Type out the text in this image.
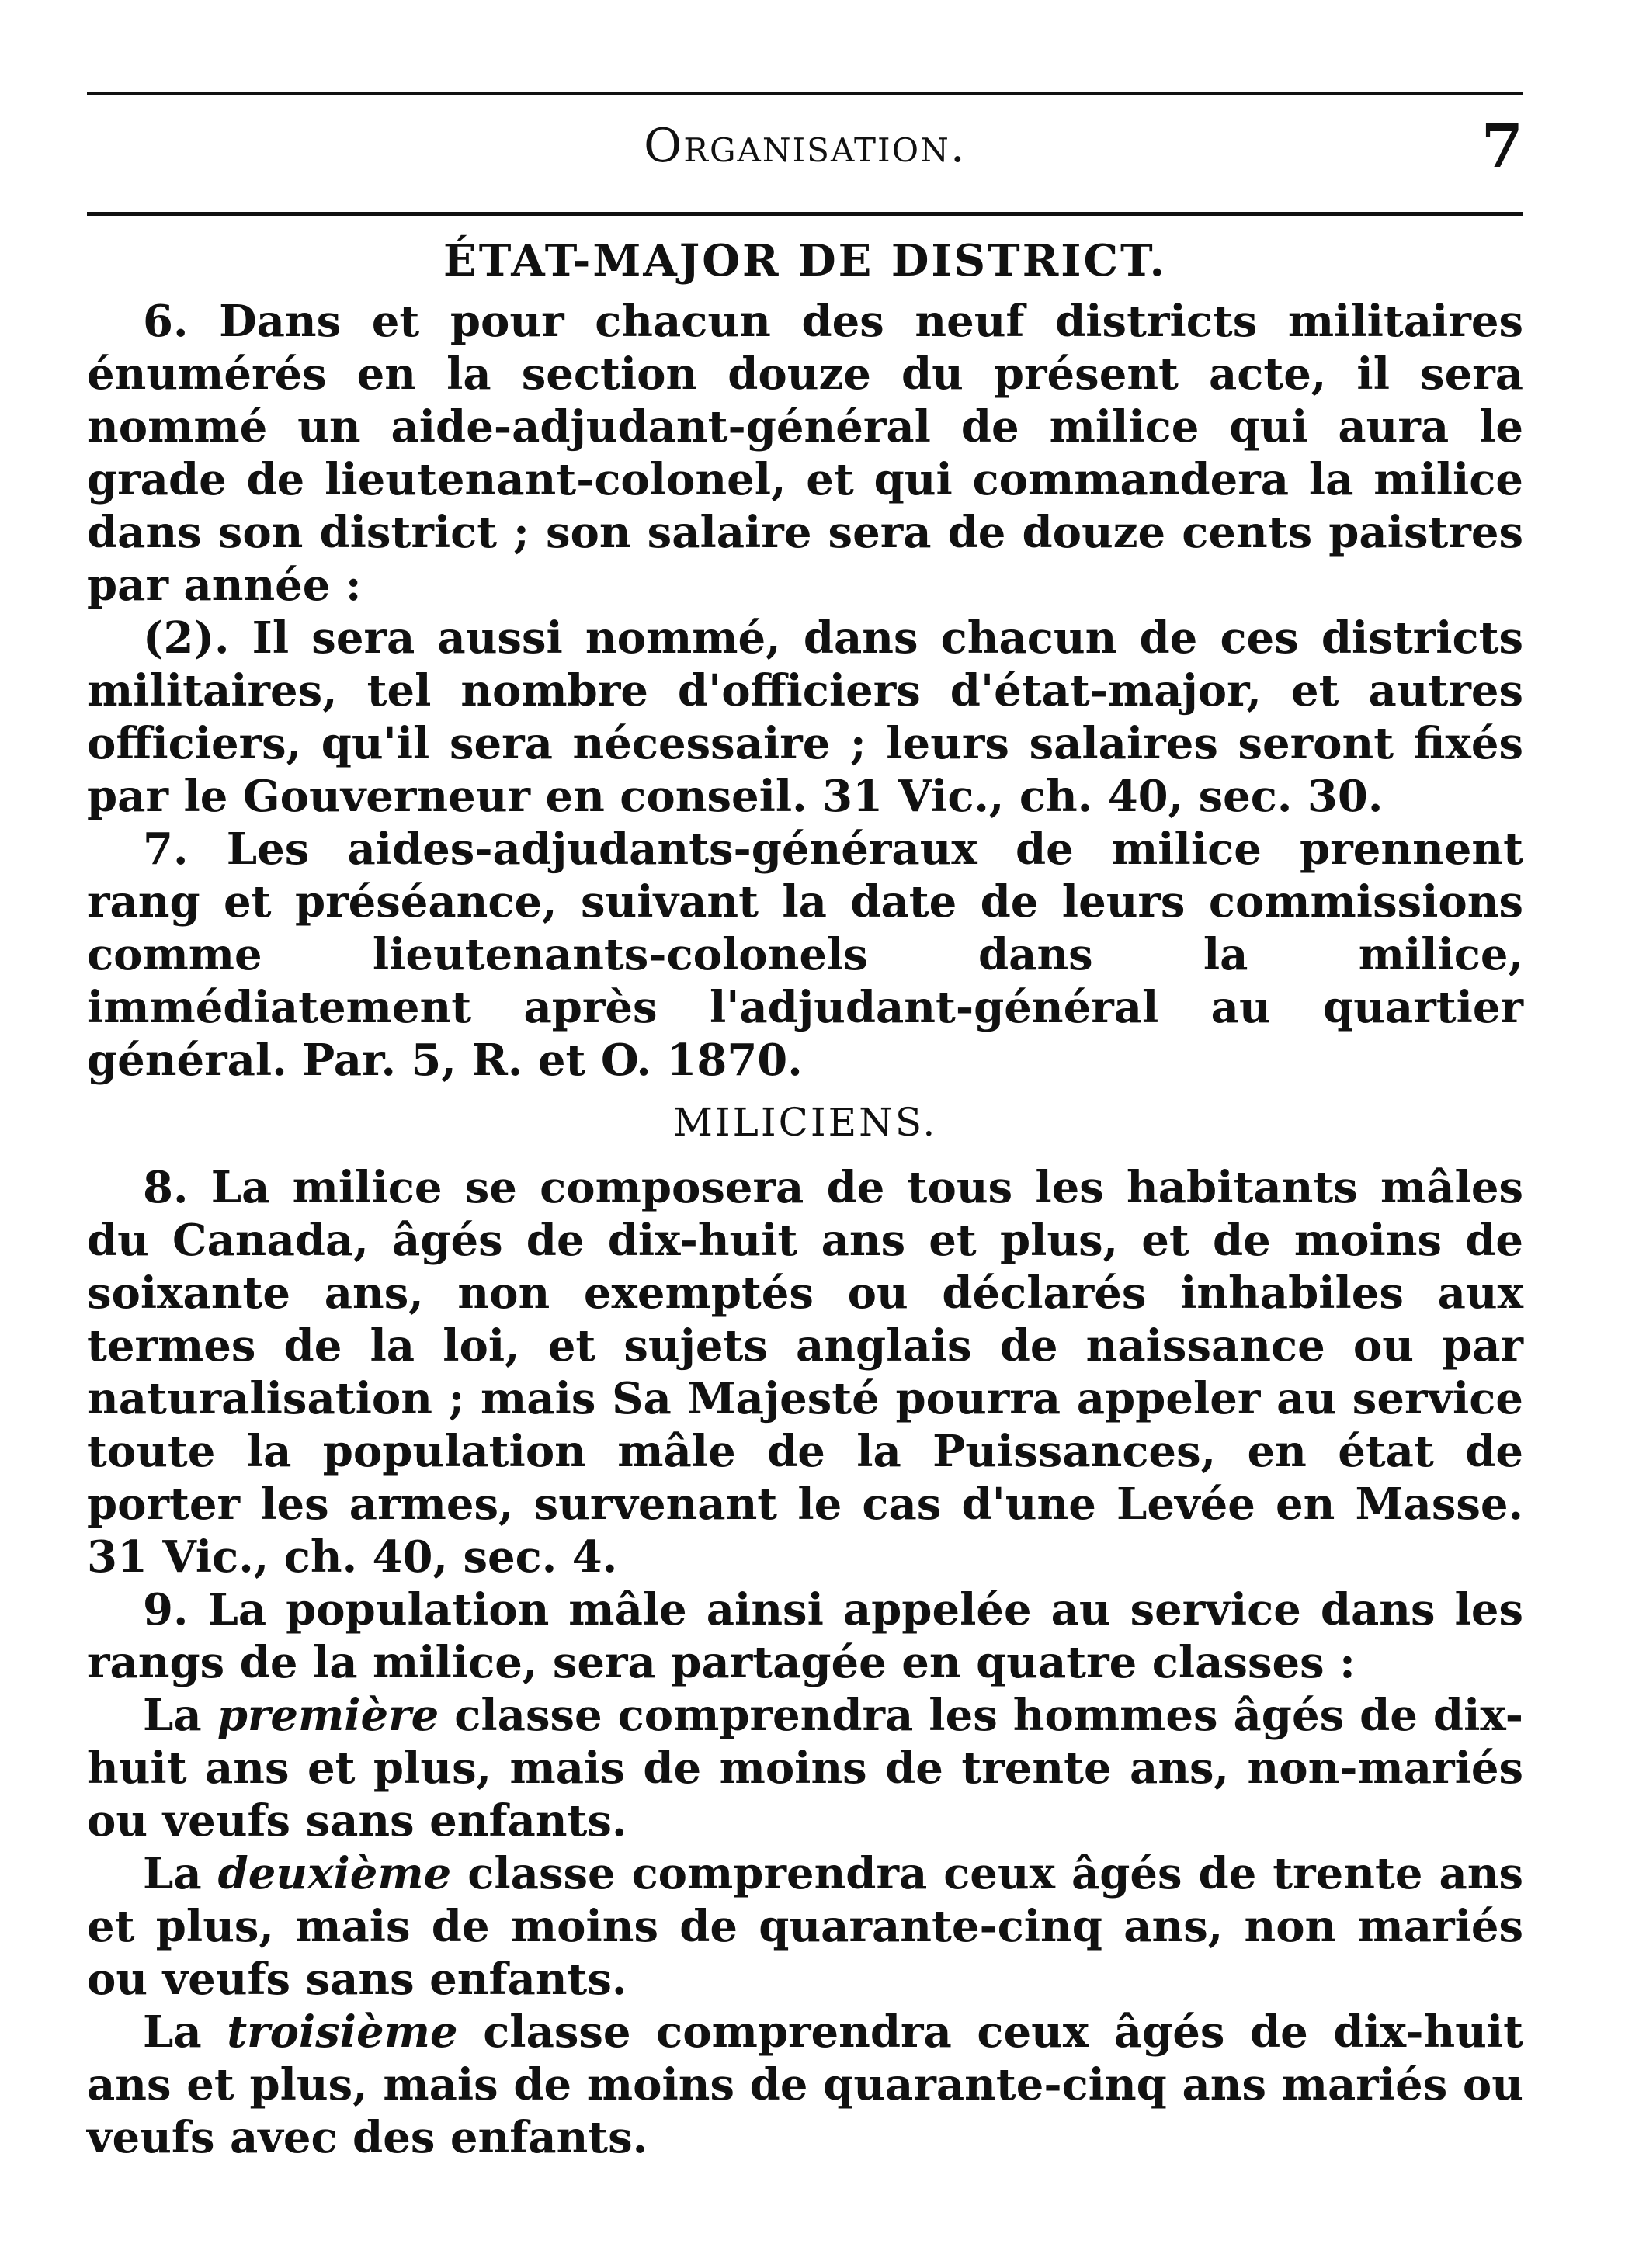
Organisation.	7
ÉTAT-MAJOR DE DISTRICT.

6. Dans et pour chacun des neuf districts militaires énumérés en la section douze du présent acte, il sera nommé un aide-adjudant-général de milice qui aura le grade de lieutenant-colonel, et qui commandera la milice dans son district ; son salaire sera de douze cents paistres par année :

(2). Il sera aussi nommé, dans chacun de ces districts militaires, tel nombre d'officiers d'état-major, et autres officiers, qu'il sera nécessaire ; leurs salaires seront fixés par le Gouverneur en conseil. 31 Vic., ch. 40, sec. 30.

7. Les aides-adjudants-généraux de milice prennent rang et préséance, suivant la date de leurs commissions comme lieutenants-colonels dans la milice, immédiatement après l'adjudant-général au quartier général. Par. 5, R. et O. 1870.

MILICIENS.

8. La milice se composera de tous les habitants mâles du Canada, âgés de dix-huit ans et plus, et de moins de soixante ans, non exemptés ou déclarés inhabiles aux termes de la loi, et sujets anglais de naissance ou par naturalisation ; mais Sa Majesté pourra appeler au service toute la population mâle de la Puissances, en état de porter les armes, survenant le cas d'une Levée en Masse. 31 Vic., ch. 40, sec. 4.

9. La population mâle ainsi appelée au service dans les rangs de la milice, sera partagée en quatre classes :

La première classe comprendra les hommes âgés de dix-huit ans et plus, mais de moins de trente ans, non-mariés ou veufs sans enfants.

La deuxième classe comprendra ceux âgés de trente ans et plus, mais de moins de quarante-cinq ans, non mariés ou veufs sans enfants.

La troisième classe comprendra ceux âgés de dix-huit ans et plus, mais de moins de quarante-cinq ans mariés ou veufs avec des enfants.
